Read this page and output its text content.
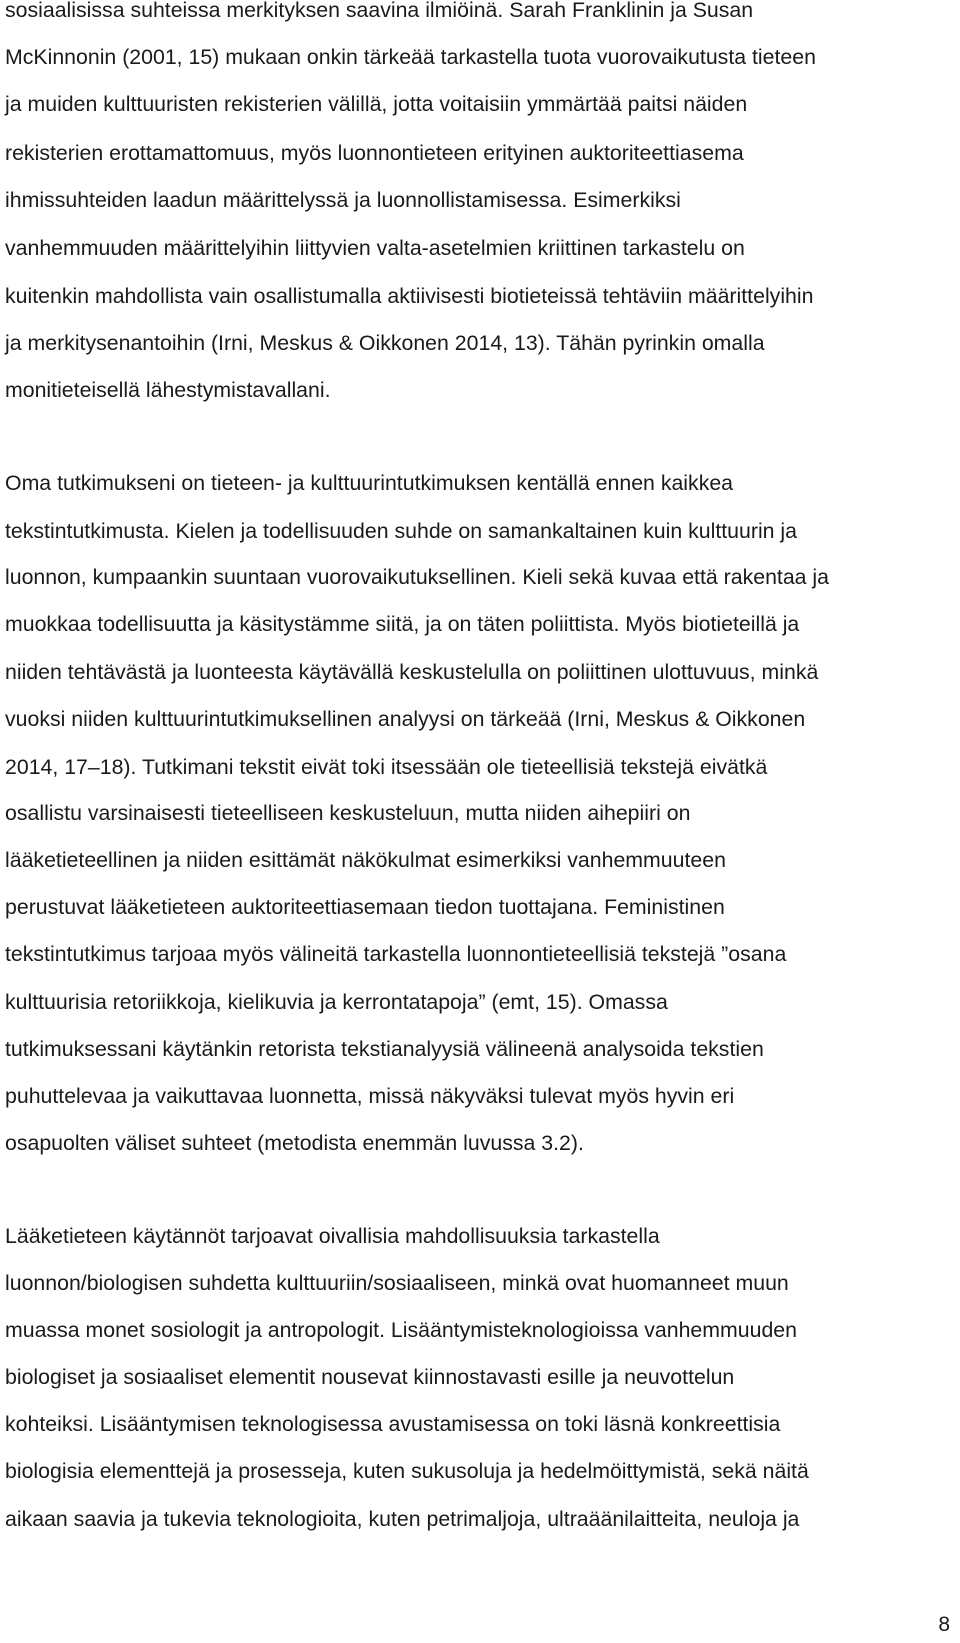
sosiaalisissa suhteissa merkityksen saavina ilmiöinä. Sarah Franklinin ja Susan
McKinnonin (2001, 15) mukaan onkin tärkeää tarkastella tuota vuorovaikutusta tieteen
ja muiden kulttuuristen rekisterien välillä, jotta voitaisiin ymmärtää paitsi näiden
rekisterien erottamattomuus, myös luonnontieteen erityinen auktoriteettiasema
ihmissuhteiden laadun määrittelyssä ja luonnollistamisessa. Esimerkiksi
vanhemmuuden määrittelyihin liittyvien valta-asetelmien kriittinen tarkastelu on
kuitenkin mahdollista vain osallistumalla aktiivisesti biotieteissä tehtäviin määrittelyihin
ja merkitysenantoihin (Irni, Meskus & Oikkonen 2014, 13). Tähän pyrinkin omalla
monitieteisellä lähestymistavallani.
Oma tutkimukseni on tieteen- ja kulttuurintutkimuksen kentällä ennen kaikkea
tekstintutkimusta. Kielen ja todellisuuden suhde on samankaltainen kuin kulttuurin ja
luonnon, kumpaankin suuntaan vuorovaikutuksellinen. Kieli sekä kuvaa että rakentaa ja
muokkaa todellisuutta ja käsitystämme siitä, ja on täten poliittista. Myös biotieteillä ja
niiden tehtävästä ja luonteesta käytävällä keskustelulla on poliittinen ulottuvuus, minkä
vuoksi niiden kulttuurintutkimuksellinen analyysi on tärkeää (Irni, Meskus & Oikkonen
2014, 17–18). Tutkimani tekstit eivät toki itsessään ole tieteellisiä tekstejä eivätkä
osallistu varsinaisesti tieteelliseen keskusteluun, mutta niiden aihepiiri on
lääketieteellinen ja niiden esittämät näkökulmat esimerkiksi vanhemmuuteen
perustuvat lääketieteen auktoriteettiasemaan tiedon tuottajana. Feministinen
tekstintutkimus tarjoaa myös välineitä tarkastella luonnontieteellisiä tekstejä ”osana
kulttuurisia retoriikkoja, kielikuvia ja kerrontatapoja” (emt, 15). Omassa
tutkimuksessani käytänkin retorista tekstianalyysiä välineenä analysoida tekstien
puhuttelevaa ja vaikuttavaa luonnetta, missä näkyväksi tulevat myös hyvin eri
osapuolten väliset suhteet (metodista enemmän luvussa 3.2).
Lääketieteen käytännöt tarjoavat oivallisia mahdollisuuksia tarkastella
luonnon/biologisen suhdetta kulttuuriin/sosiaaliseen, minkä ovat huomanneet muun
muassa monet sosiologit ja antropologit. Lisääntymisteknologioissa vanhemmuuden
biologiset ja sosiaaliset elementit nousevat kiinnostavasti esille ja neuvottelun
kohteiksi. Lisääntymisen teknologisessa avustamisessa on toki läsnä konkreettisia
biologisia elementtejä ja prosesseja, kuten sukusoluja ja hedelmöittymistä, sekä näitä
aikaan saavia ja tukevia teknologioita, kuten petrimaljoja, ultraäänilaitteita, neuloja ja
8
